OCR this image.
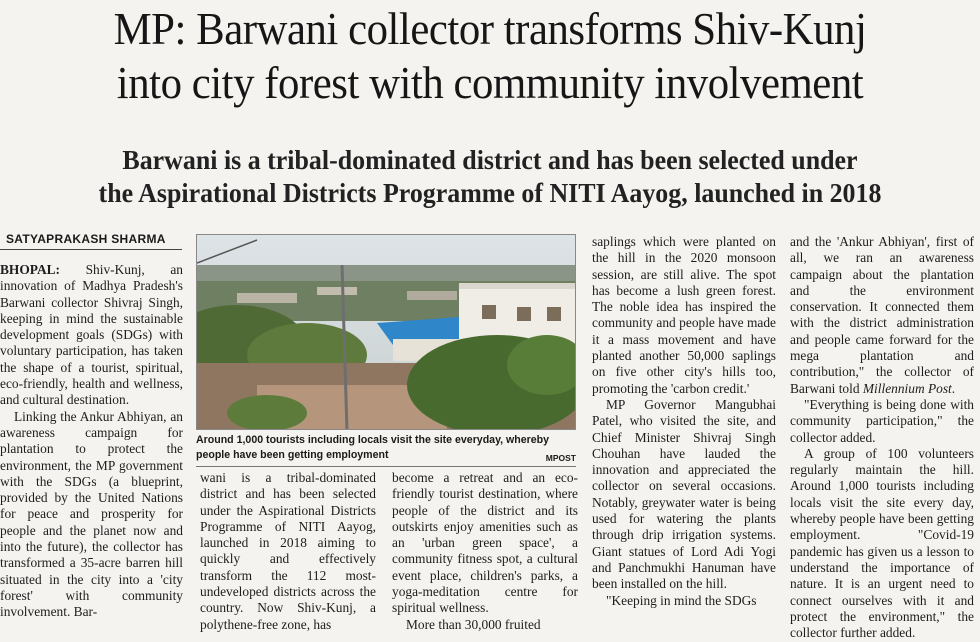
MP: Barwani collector transforms Shiv-Kunj
into city forest with community involvement
Barwani is a tribal-dominated district and has been selected under
the Aspirational Districts Programme of NITI Aayog, launched in 2018
SATYAPRAKASH SHARMA

BHOPAL: Shiv-Kunj, an innovation of Madhya Pradesh's Barwani collector Shivraj Singh, keeping in mind the sustainable development goals (SDGs) with voluntary participation, has taken the shape of a tourist, spiritual, eco-friendly, health and wellness, and cultural destination.

Linking the Ankur Abhiyan, an awareness campaign for plantation to protect the environment, the MP government with the SDGs (a blueprint, provided by the United Nations for peace and prosperity for people and the planet now and into the future), the collector has transformed a 35-acre barren hill situated in the city into a 'city forest' with community involvement. Bar-

Around 1,000 tourists including locals visit the site everyday, whereby people have been getting employment	MPOST

wani is a tribal-dominated district and has been selected under the Aspirational Districts Programme of NITI Aayog, launched in 2018 aiming to quickly and effectively transform the 112 most-undeveloped districts across the country. Now Shiv-Kunj, a polythene-free zone, has

become a retreat and an eco-friendly tourist destination, where people of the district and its outskirts enjoy amenities such as an 'urban green space', a community fitness spot, a cultural event place, children's parks, a yoga-meditation centre for spiritual wellness.

More than 30,000 fruited

saplings which were planted on the hill in the 2020 monsoon session, are still alive. The spot has become a lush green forest. The noble idea has inspired the community and people have made it a mass movement and have planted another 50,000 saplings on five other city's hills too, promoting the 'carbon credit.'

MP Governor Mangubhai Patel, who visited the site, and Chief Minister Shivraj Singh Chouhan have lauded the innovation and appreciated the collector on several occasions. Notably, greywater water is being used for watering the plants through drip irrigation systems. Giant statues of Lord Adi Yogi and Panchmukhi Hanuman have been installed on the hill.

"Keeping in mind the SDGs

and the 'Ankur Abhiyan', first of all, we ran an awareness campaign about the plantation and the environment conservation. It connected them with the district administration and people came forward for the mega plantation and contribution," the collector of Barwani told Millennium Post.

"Everything is being done with community participation," the collector added.

A group of 100 volunteers regularly maintain the hill. Around 1,000 tourists including locals visit the site every day, whereby people have been getting employment. "Covid-19 pandemic has given us a lesson to understand the importance of nature. It is an urgent need to connect ourselves with it and protect the environment," the collector further added.
